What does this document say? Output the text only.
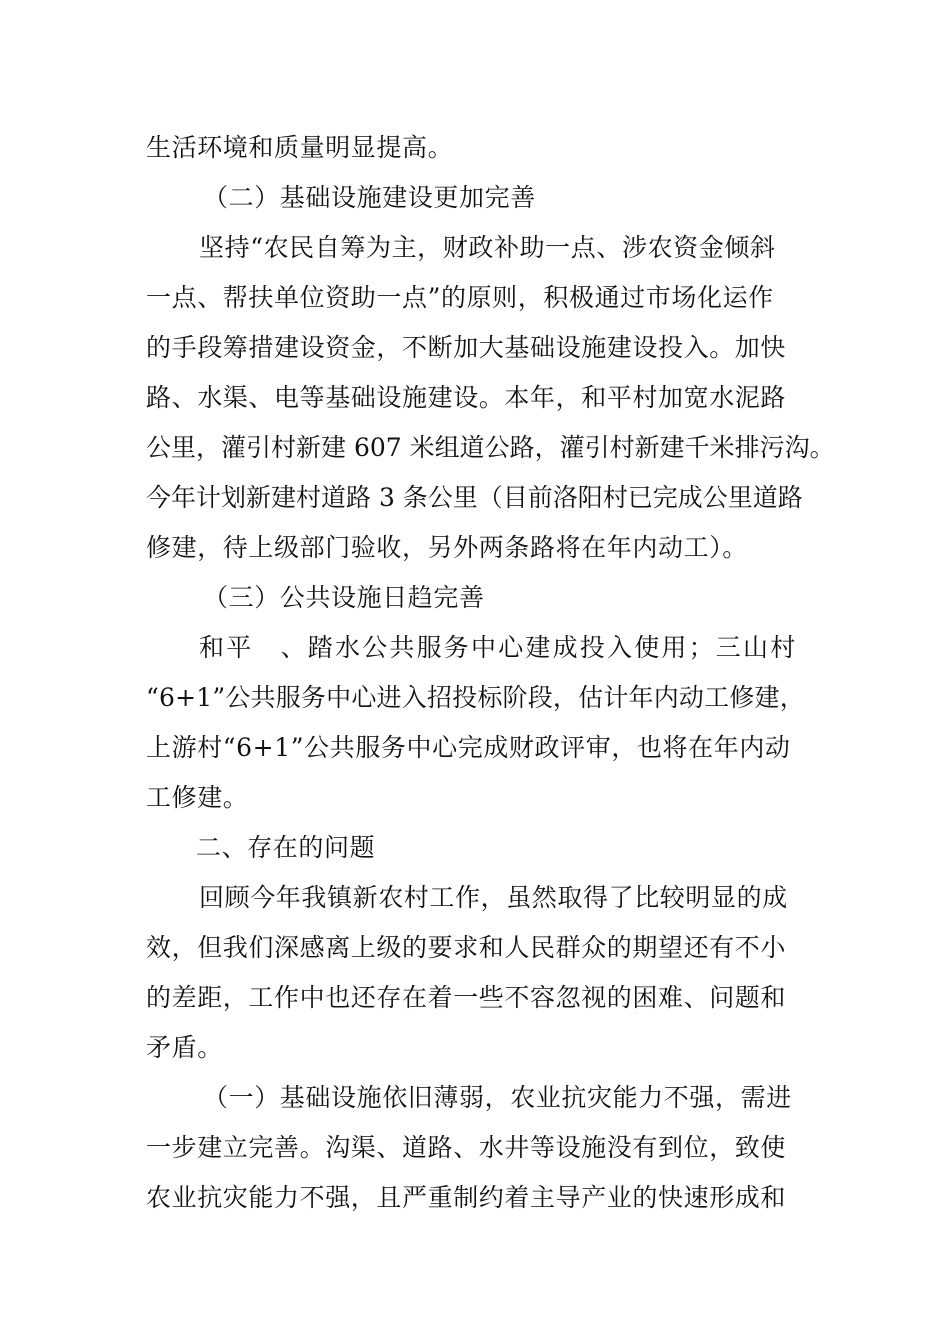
生活环境和质量明显提高。
（二）基础设施建设更加完善
坚持“农民自筹为主，财政补助一点、涉农资金倾斜
一点、帮扶单位资助一点”的原则，积极通过市场化运作
的手段筹措建设资金，不断加大基础设施建设投入。加快
路、水渠、电等基础设施建设。本年，和平村加宽水泥路
公里，灌引村新建 607 米组道公路，灌引村新建千米排污沟。
今年计划新建村道路 3 条公里（目前洛阳村已完成公里道路
修建，待上级部门验收，另外两条路将在年内动工）。
（三）公共设施日趋完善
和平　、踏水公共服务中心建成投入使用；三山村
“6+1”公共服务中心进入招投标阶段，估计年内动工修建，
上游村“6+1”公共服务中心完成财政评审，也将在年内动
工修建。
二、存在的问题
回顾今年我镇新农村工作，虽然取得了比较明显的成
效，但我们深感离上级的要求和人民群众的期望还有不小
的差距，工作中也还存在着一些不容忽视的困难、问题和
矛盾。
（一）基础设施依旧薄弱，农业抗灾能力不强，需进
一步建立完善。沟渠、道路、水井等设施没有到位，致使
农业抗灾能力不强，且严重制约着主导产业的快速形成和
